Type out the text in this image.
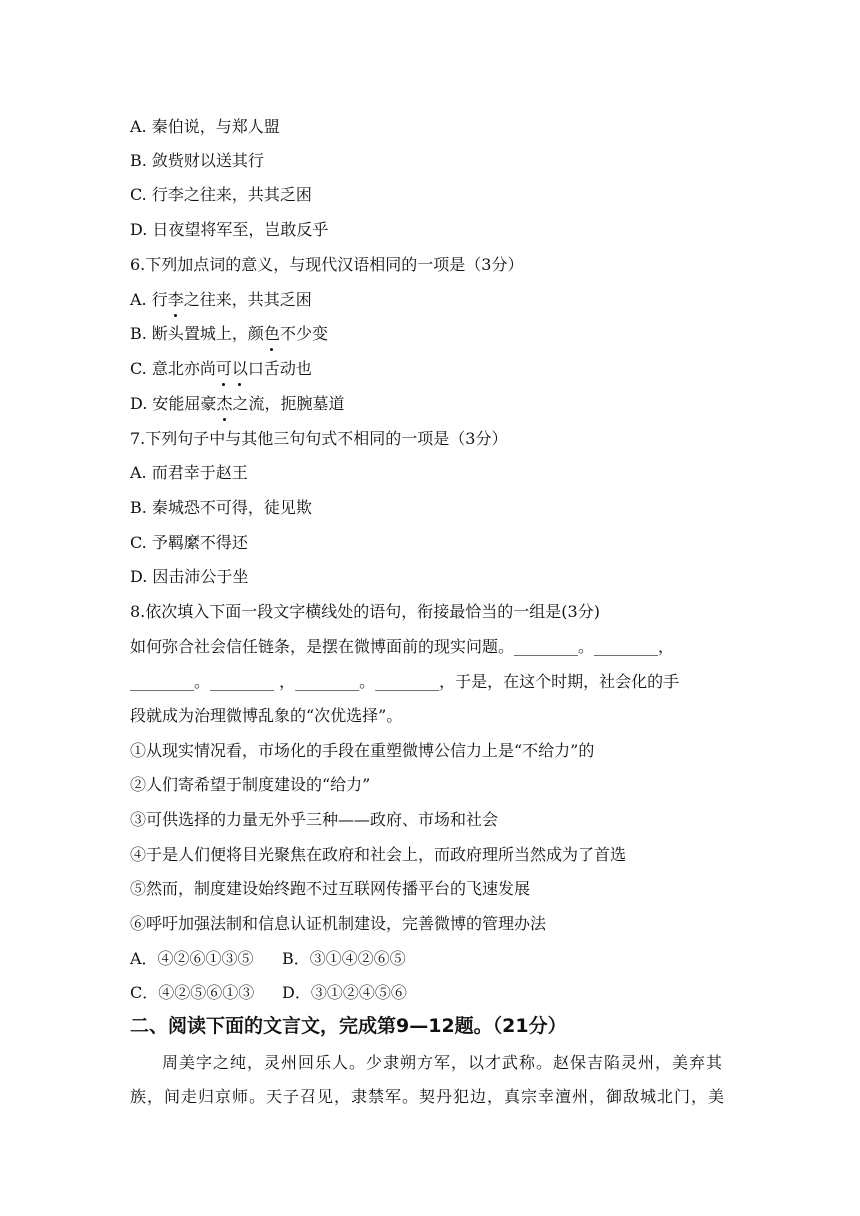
A. 秦伯说，与郑人盟
B. 敛赀财以送其行
C. 行李之往来，共其乏困
D. 日夜望将军至，岂敢反乎
6.下列加点词的意义，与现代汉语相同的一项是（3分）
A. 行李之往来，共其乏困
B. 断头置城上，颜色不少变
C. 意北亦尚可以口舌动也
D. 安能屈豪杰之流，扼腕墓道
7.下列句子中与其他三句句式不相同的一项是（3分）
A. 而君幸于赵王
B. 秦城恐不可得，徒见欺
C. 予羁縻不得还
D. 因击沛公于坐
8.依次填入下面一段文字横线处的语句，衔接最恰当的一组是(3分)
如何弥合社会信任链条，是摆在微博面前的现实问题。________。________，
________。________ ，________。________，于是，在这个时期，社会化的手
段就成为治理微博乱象的“次优选择”。
①从现实情况看，市场化的手段在重塑微博公信力上是“不给力”的
②人们寄希望于制度建设的“给力”
③可供选择的力量无外乎三种——政府、市场和社会
④于是人们便将目光聚焦在政府和社会上，而政府理所当然成为了首选
⑤然而，制度建设始终跑不过互联网传播平台的飞速发展
⑥呼吁加强法制和信息认证机制建设，完善微博的管理办法
A．④②⑥①③⑤ B．③①④②⑥⑤
C．④②⑤⑥①③ D．③①②④⑤⑥
二、阅读下面的文言文，完成第9—12题。（21分）
周美字之纯，灵州回乐人。少隶朔方军，以才武称。赵保吉陷灵州，美弃其
族，间走归京师。天子召见，隶禁军。契丹犯边，真宗幸澶州，御敌城北门，美
